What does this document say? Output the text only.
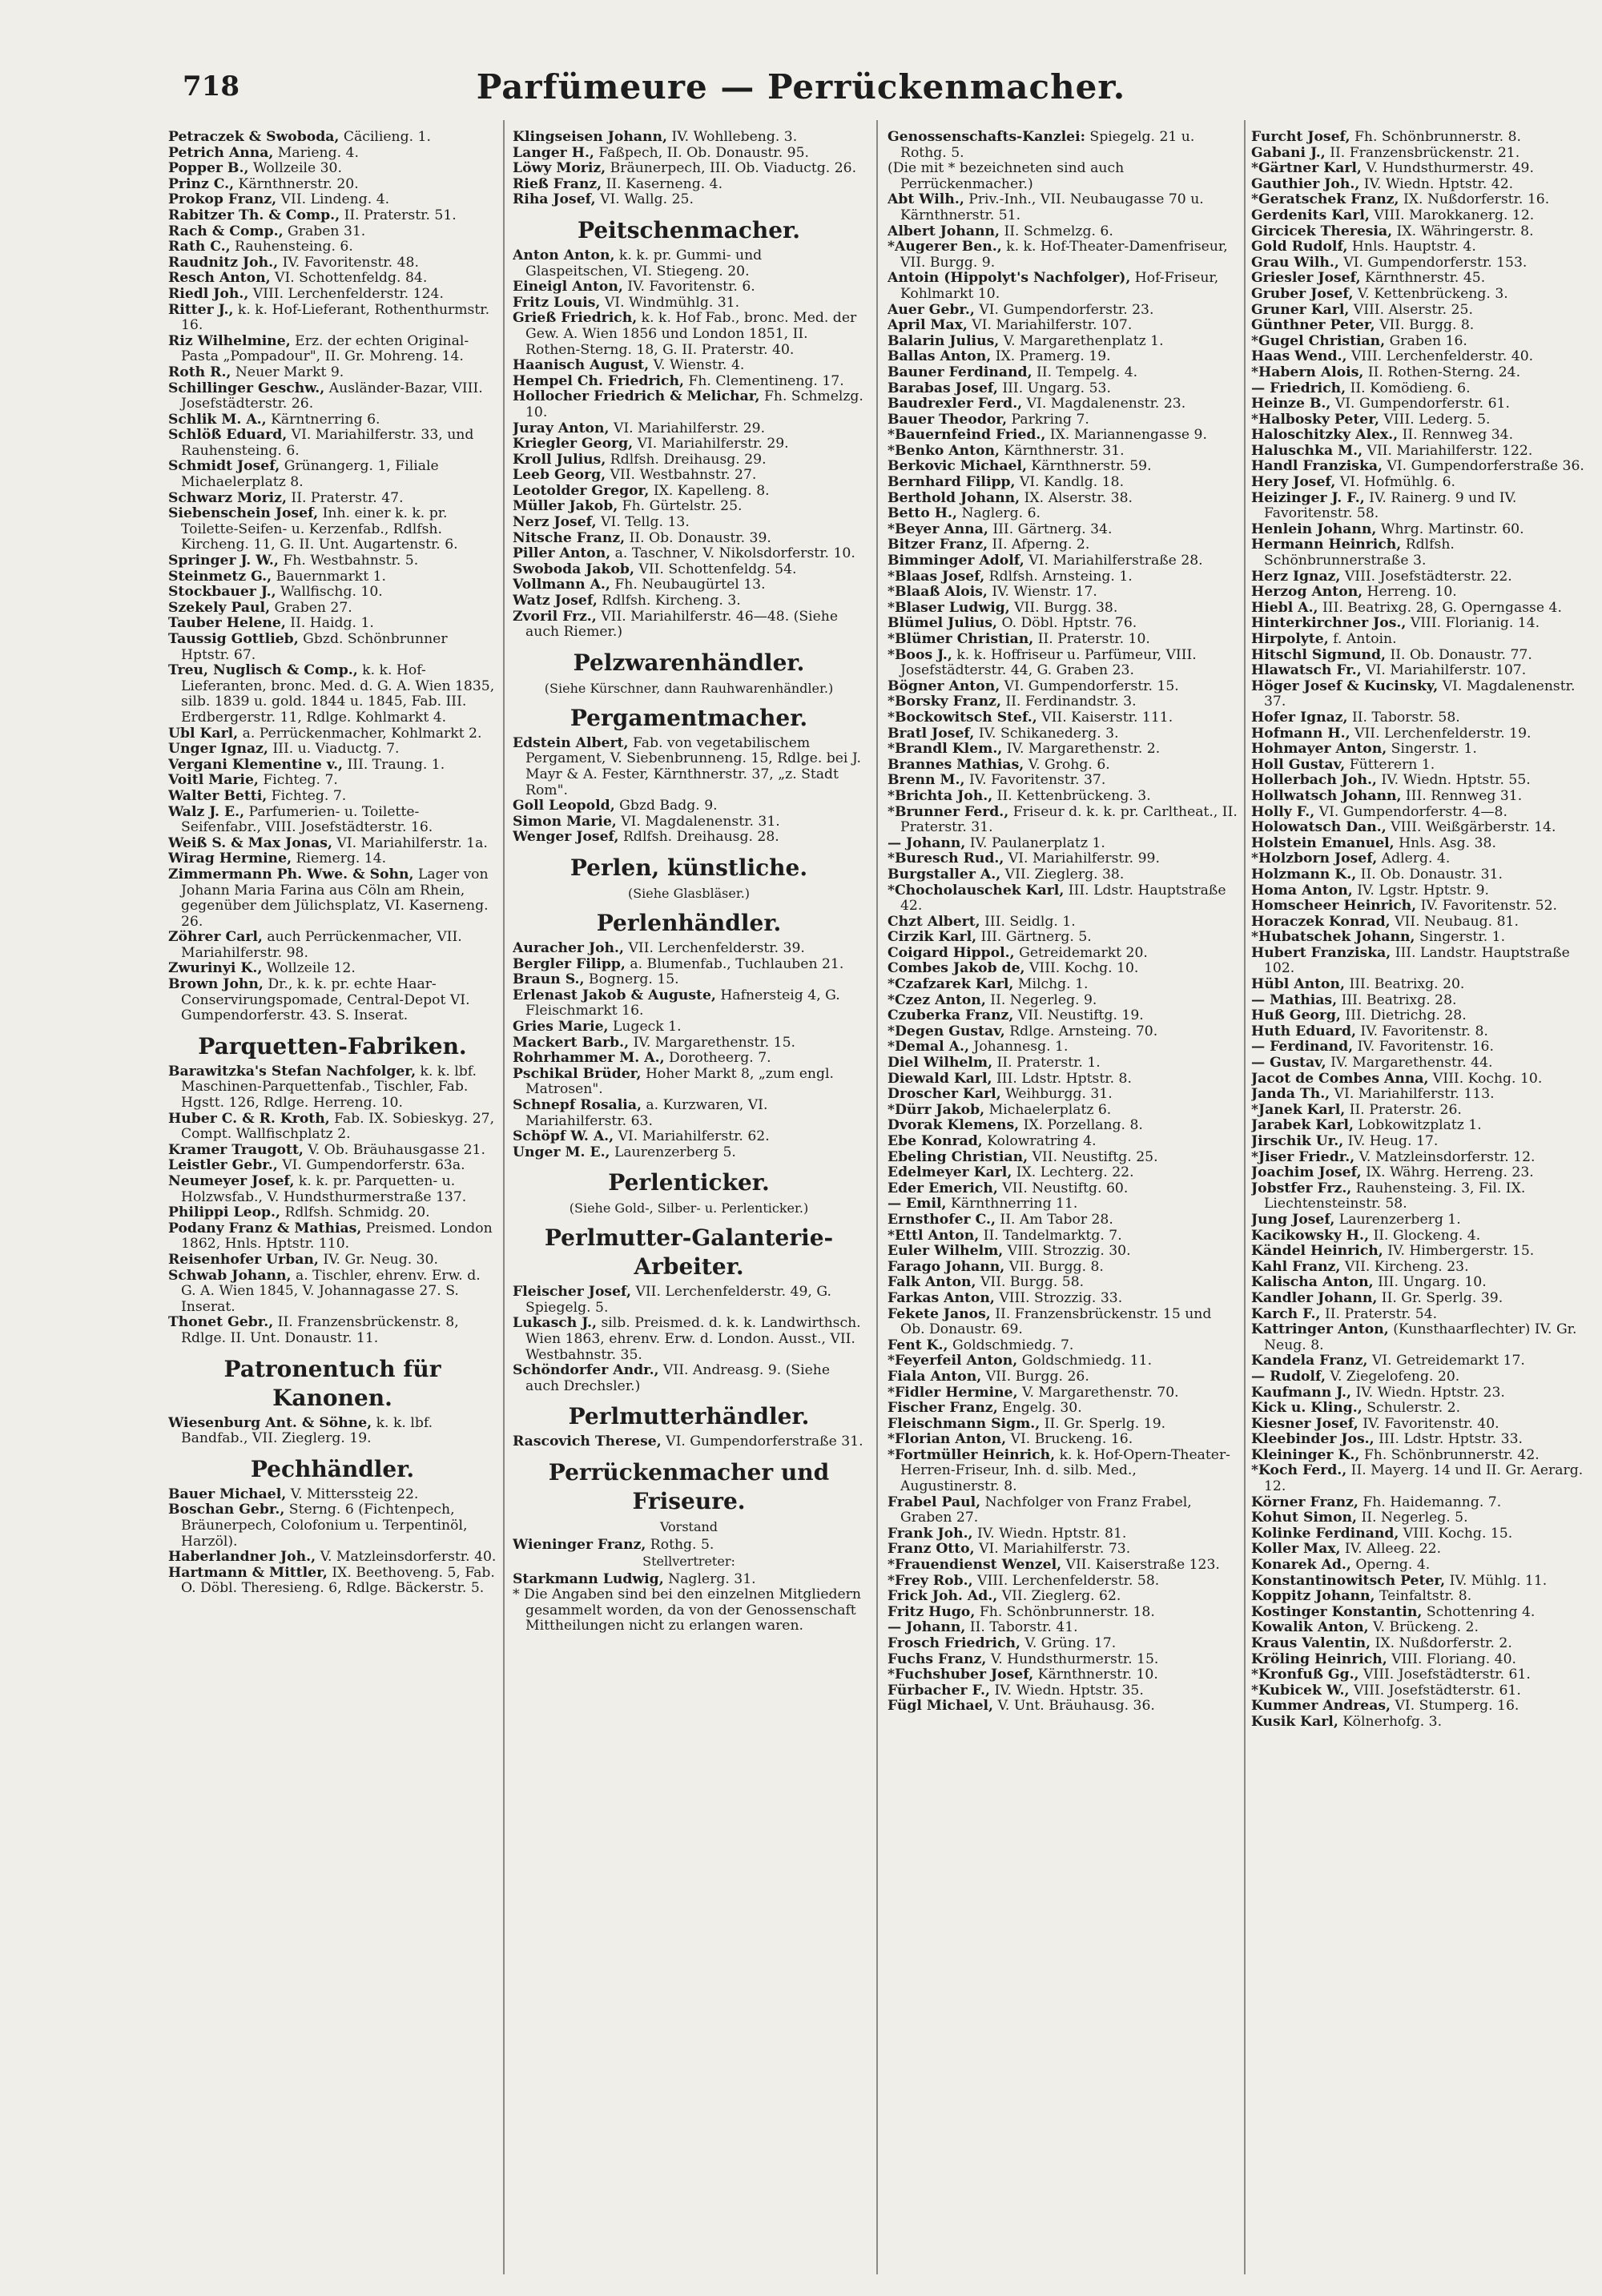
718	Parfümeure — Perrückenmacher.

Petraczek & Swoboda, Cäcilieng. 1.

Petrich Anna, Marieng. 4.

Popper B., Wollzeile 30.

Prinz C., Kärnthnerstr. 20.

Prokop Franz, VII. Lindeng. 4.

Rabitzer Th. & Comp., II. Praterstr. 51.

Rach & Comp., Graben 31.

Rath C., Rauhensteing. 6.

Raudnitz Joh., IV. Favoritenstr. 48.

Resch Anton, VI. Schottenfeldg. 84.

Riedl Joh., VIII. Lerchenfelderstr. 124.

Ritter J., k. k. Hof-Lieferant, Rothenthurmstr. 16.

Riz Wilhelmine, Erz. der echten Original-Pasta „Pompadour", II. Gr. Mohreng. 14.

Roth R., Neuer Markt 9.

Schillinger Geschw., Ausländer-Bazar, VIII. Josefstädterstr. 26.

Schlik M. A., Kärntnerring 6.

Schlöß Eduard, VI. Mariahilferstr. 33, und Rauhensteing. 6.

Schmidt Josef, Grünangerg. 1, Filiale Michaelerplatz 8.

Schwarz Moriz, II. Praterstr. 47.

Siebenschein Josef, Inh. einer k. k. pr. Toilette-Seifen- u. Kerzenfab., Rdlfsh. Kircheng. 11, G. II. Unt. Augartenstr. 6.

Springer J. W., Fh. Westbahnstr. 5.

Steinmetz G., Bauernmarkt 1.

Stockbauer J., Wallfischg. 10.

Szekely Paul, Graben 27.

Tauber Helene, II. Haidg. 1.

Taussig Gottlieb, Gbzd. Schönbrunner Hptstr. 67.

Treu, Nuglisch & Comp., k. k. Hof-Lieferanten, bronc. Med. d. G. A. Wien 1835, silb. 1839 u. gold. 1844 u. 1845, Fab. III. Erdbergerstr. 11, Rdlge. Kohlmarkt 4.

Ubl Karl, a. Perrückenmacher, Kohlmarkt 2.

Unger Ignaz, III. u. Viaductg. 7.

Vergani Klementine v., III. Traung. 1.

Voitl Marie, Fichteg. 7.

Walter Betti, Fichteg. 7.

Walz J. E., Parfumerien- u. Toilette-Seifenfabr., VIII. Josefstädterstr. 16.

Weiß S. & Max Jonas, VI. Mariahilferstr. 1a.

Wirag Hermine, Riemerg. 14.

Zimmermann Ph. Wwe. & Sohn, Lager von Johann Maria Farina aus Cöln am Rhein, gegenüber dem Jülichsplatz, VI. Kaserneng. 26.

Zöhrer Carl, auch Perrückenmacher, VII. Mariahilferstr. 98.

Zwurinyi K., Wollzeile 12.

Brown John, Dr., k. k. pr. echte Haar-Conservirungspomade, Central-Depot VI. Gumpendorferstr. 43. S. Inserat.

Parquetten-Fabriken.

Barawitzka's Stefan Nachfolger, k. k. lbf. Maschinen-Parquettenfab., Tischler, Fab. Hgstt. 126, Rdlge. Herreng. 10.

Huber C. & R. Kroth, Fab. IX. Sobieskyg. 27, Compt. Wallfischplatz 2.

Kramer Traugott, V. Ob. Bräuhausgasse 21.

Leistler Gebr., VI. Gumpendorferstr. 63a.

Neumeyer Josef, k. k. pr. Parquetten- u. Holzwsfab., V. Hundsthurmerstraße 137.

Philippi Leop., Rdlfsh. Schmidg. 20.

Podany Franz & Mathias, Preismed. London 1862, Hnls. Hptstr. 110.

Reisenhofer Urban, IV. Gr. Neug. 30.

Schwab Johann, a. Tischler, ehrenv. Erw. d. G. A. Wien 1845, V. Johannagasse 27. S. Inserat.

Thonet Gebr., II. Franzensbrückenstr. 8, Rdlge. II. Unt. Donaustr. 11.

Patronentuch für Kanonen.

Wiesenburg Ant. & Söhne, k. k. lbf. Bandfab., VII. Zieglerg. 19.

Pechhändler.

Bauer Michael, V. Mitterssteig 22.

Boschan Gebr., Sterng. 6 (Fichtenpech, Bräunerpech, Colofonium u. Terpentinöl, Harzöl).

Haberlandner Joh., V. Matzleinsdorferstr. 40.

Hartmann & Mittler, IX. Beethoveng. 5, Fab. O. Döbl. Theresieng. 6, Rdlge. Bäckerstr. 5.

Klingseisen Johann, IV. Wohllebeng. 3.

Langer H., Faßpech, II. Ob. Donaustr. 95.

Löwy Moriz, Bräunerpech, III. Ob. Viaductg. 26.

Rieß Franz, II. Kaserneng. 4.

Riha Josef, VI. Wallg. 25.

Peitschenmacher.

Anton Anton, k. k. pr. Gummi- und Glaspeitschen, VI. Stiegeng. 20.

Eineigl Anton, IV. Favoritenstr. 6.

Fritz Louis, VI. Windmühlg. 31.

Grieß Friedrich, k. k. Hof Fab., bronc. Med. der Gew. A. Wien 1856 und London 1851, II. Rothen-Sterng. 18, G. II. Praterstr. 40.

Haanisch August, V. Wienstr. 4.

Hempel Ch. Friedrich, Fh. Clementineng. 17.

Hollocher Friedrich & Melichar, Fh. Schmelzg. 10.

Juray Anton, VI. Mariahilferstr. 29.

Kriegler Georg, VI. Mariahilferstr. 29.

Kroll Julius, Rdlfsh. Dreihausg. 29.

Leeb Georg, VII. Westbahnstr. 27.

Leotolder Gregor, IX. Kapelleng. 8.

Müller Jakob, Fh. Gürtelstr. 25.

Nerz Josef, VI. Tellg. 13.

Nitsche Franz, II. Ob. Donaustr. 39.

Piller Anton, a. Taschner, V. Nikolsdorferstr. 10.

Swoboda Jakob, VII. Schottenfeldg. 54.

Vollmann A., Fh. Neubaugürtel 13.

Watz Josef, Rdlfsh. Kircheng. 3.

Zvoril Frz., VII. Mariahilferstr. 46—48. (Siehe auch Riemer.)

Pelzwarenhändler.
(Siehe Kürschner, dann Rauhwarenhändler.)
Pergamentmacher.

Edstein Albert, Fab. von vegetabilischem Pergament, V. Siebenbrunneng. 15, Rdlge. bei J. Mayr & A. Fester, Kärnthnerstr. 37, „z. Stadt Rom".

Goll Leopold, Gbzd Badg. 9.

Simon Marie, VI. Magdalenenstr. 31.

Wenger Josef, Rdlfsh. Dreihausg. 28.

Perlen, künstliche.
(Siehe Glasbläser.)
Perlenhändler.

Auracher Joh., VII. Lerchenfelderstr. 39.

Bergler Filipp, a. Blumenfab., Tuchlauben 21.

Braun S., Bognerg. 15.

Erlenast Jakob & Auguste, Hafnersteig 4, G. Fleischmarkt 16.

Gries Marie, Lugeck 1.

Mackert Barb., IV. Margarethenstr. 15.

Rohrhammer M. A., Dorotheerg. 7.

Pschikal Brüder, Hoher Markt 8, „zum engl. Matrosen".

Schnepf Rosalia, a. Kurzwaren, VI. Mariahilferstr. 63.

Schöpf W. A., VI. Mariahilferstr. 62.

Unger M. E., Laurenzerberg 5.

Perlenticker.
(Siehe Gold-, Silber- u. Perlenticker.)
Perlmutter-Galanterie-Arbeiter.

Fleischer Josef, VII. Lerchenfelderstr. 49, G. Spiegelg. 5.

Lukasch J., silb. Preismed. d. k. k. Landwirthsch. Wien 1863, ehrenv. Erw. d. London. Ausst., VII. Westbahnstr. 35.

Schöndorfer Andr., VII. Andreasg. 9. (Siehe auch Drechsler.)

Perlmutterhändler.

Rascovich Therese, VI. Gumpendorferstraße 31.

Perrückenmacher und Friseure.
Vorstand

Wieninger Franz, Rothg. 5.

Stellvertreter:

Starkmann Ludwig, Naglerg. 31.

* Die Angaben sind bei den einzelnen Mitgliedern gesammelt worden, da von der Genossenschaft Mittheilungen nicht zu erlangen waren.

Genossenschafts-Kanzlei: Spiegelg. 21 u. Rothg. 5.

(Die mit * bezeichneten sind auch Perrückenmacher.)

Abt Wilh., Priv.-Inh., VII. Neubaugasse 70 u. Kärnthnerstr. 51.

Albert Johann, II. Schmelzg. 6.

*Augerer Ben., k. k. Hof-Theater-Damenfriseur, VII. Burgg. 9.

Antoin (Hippolyt's Nachfolger), Hof-Friseur, Kohlmarkt 10.

Auer Gebr., VI. Gumpendorferstr. 23.

April Max, VI. Mariahilferstr. 107.

Balarin Julius, V. Margarethenplatz 1.

Ballas Anton, IX. Pramerg. 19.

Bauner Ferdinand, II. Tempelg. 4.

Barabas Josef, III. Ungarg. 53.

Baudrexler Ferd., VI. Magdalenenstr. 23.

Bauer Theodor, Parkring 7.

*Bauernfeind Fried., IX. Mariannengasse 9.

*Benko Anton, Kärnthnerstr. 31.

Berkovic Michael, Kärnthnerstr. 59.

Bernhard Filipp, VI. Kandlg. 18.

Berthold Johann, IX. Alserstr. 38.

Betto H., Naglerg. 6.

*Beyer Anna, III. Gärtnerg. 34.

Bitzer Franz, II. Afperng. 2.

Bimminger Adolf, VI. Mariahilferstraße 28.

*Blaas Josef, Rdlfsh. Arnsteing. 1.

*Blaaß Alois, IV. Wienstr. 17.

*Blaser Ludwig, VII. Burgg. 38.

Blümel Julius, O. Döbl. Hptstr. 76.

*Blümer Christian, II. Praterstr. 10.

*Boos J., k. k. Hoffriseur u. Parfümeur, VIII. Josefstädterstr. 44, G. Graben 23.

Bögner Anton, VI. Gumpendorferstr. 15.

*Borsky Franz, II. Ferdinandstr. 3.

*Bockowitsch Stef., VII. Kaiserstr. 111.

Bratl Josef, IV. Schikanederg. 3.

*Brandl Klem., IV. Margarethenstr. 2.

Brannes Mathias, V. Grohg. 6.

Brenn M., IV. Favoritenstr. 37.

*Brichta Joh., II. Kettenbrückeng. 3.

*Brunner Ferd., Friseur d. k. k. pr. Carltheat., II. Praterstr. 31.

— Johann, IV. Paulanerplatz 1.

*Buresch Rud., VI. Mariahilferstr. 99.

Burgstaller A., VII. Zieglerg. 38.

*Chocholauschek Karl, III. Ldstr. Hauptstraße 42.

Chzt Albert, III. Seidlg. 1.

Cirzik Karl, III. Gärtnerg. 5.

Coigard Hippol., Getreidemarkt 20.

Combes Jakob de, VIII. Kochg. 10.

*Czafzarek Karl, Milchg. 1.

*Czez Anton, II. Negerleg. 9.

Czuberka Franz, VII. Neustiftg. 19.

*Degen Gustav, Rdlge. Arnsteing. 70.

*Demal A., Johannesg. 1.

Diel Wilhelm, II. Praterstr. 1.

Diewald Karl, III. Ldstr. Hptstr. 8.

Droscher Karl, Weihburgg. 31.

*Dürr Jakob, Michaelerplatz 6.

Dvorak Klemens, IX. Porzellang. 8.

Ebe Konrad, Kolowratring 4.

Ebeling Christian, VII. Neustiftg. 25.

Edelmeyer Karl, IX. Lechterg. 22.

Eder Emerich, VII. Neustiftg. 60.

— Emil, Kärnthnerring 11.

Ernsthofer C., II. Am Tabor 28.

*Ettl Anton, II. Tandelmarktg. 7.

Euler Wilhelm, VIII. Strozzig. 30.

Farago Johann, VII. Burgg. 8.

Falk Anton, VII. Burgg. 58.

Farkas Anton, VIII. Strozzig. 33.

Fekete Janos, II. Franzensbrückenstr. 15 und Ob. Donaustr. 69.

Fent K., Goldschmiedg. 7.

*Feyerfeil Anton, Goldschmiedg. 11.

Fiala Anton, VII. Burgg. 26.

*Fidler Hermine, V. Margarethenstr. 70.

Fischer Franz, Engelg. 30.

Fleischmann Sigm., II. Gr. Sperlg. 19.

*Florian Anton, VI. Bruckeng. 16.

*Fortmüller Heinrich, k. k. Hof-Opern-Theater-Herren-Friseur, Inh. d. silb. Med., Augustinerstr. 8.

Frabel Paul, Nachfolger von Franz Frabel, Graben 27.

Frank Joh., IV. Wiedn. Hptstr. 81.

Franz Otto, VI. Mariahilferstr. 73.

*Frauendienst Wenzel, VII. Kaiserstraße 123.

*Frey Rob., VIII. Lerchenfelderstr. 58.

Frick Joh. Ad., VII. Zieglerg. 62.

Fritz Hugo, Fh. Schönbrunnerstr. 18.

— Johann, II. Taborstr. 41.

Frosch Friedrich, V. Grüng. 17.

Fuchs Franz, V. Hundsthurmerstr. 15.

*Fuchshuber Josef, Kärnthnerstr. 10.

Fürbacher F., IV. Wiedn. Hptstr. 35.

Fügl Michael, V. Unt. Bräuhausg. 36.

Furcht Josef, Fh. Schönbrunnerstr. 8.

Gabani J., II. Franzensbrückenstr. 21.

*Gärtner Karl, V. Hundsthurmerstr. 49.

Gauthier Joh., IV. Wiedn. Hptstr. 42.

*Geratschek Franz, IX. Nußdorferstr. 16.

Gerdenits Karl, VIII. Marokkanerg. 12.

Gircicek Theresia, IX. Währingerstr. 8.

Gold Rudolf, Hnls. Hauptstr. 4.

Grau Wilh., VI. Gumpendorferstr. 153.

Griesler Josef, Kärnthnerstr. 45.

Gruber Josef, V. Kettenbrückeng. 3.

Gruner Karl, VIII. Alserstr. 25.

Günthner Peter, VII. Burgg. 8.

*Gugel Christian, Graben 16.

Haas Wend., VIII. Lerchenfelderstr. 40.

*Habern Alois, II. Rothen-Sterng. 24.

— Friedrich, II. Komödieng. 6.

Heinze B., VI. Gumpendorferstr. 61.

*Halbosky Peter, VIII. Lederg. 5.

Haloschitzky Alex., II. Rennweg 34.

Haluschka M., VII. Mariahilferstr. 122.

Handl Franziska, VI. Gumpendorferstraße 36.

Hery Josef, VI. Hofmühlg. 6.

Heizinger J. F., IV. Rainerg. 9 und IV. Favoritenstr. 58.

Henlein Johann, Whrg. Martinstr. 60.

Hermann Heinrich, Rdlfsh. Schönbrunnerstraße 3.

Herz Ignaz, VIII. Josefstädterstr. 22.

Herzog Anton, Herreng. 10.

Hiebl A., III. Beatrixg. 28, G. Operngasse 4.

Hinterkirchner Jos., VIII. Florianig. 14.

Hirpolyte, f. Antoin.

Hitschl Sigmund, II. Ob. Donaustr. 77.

Hlawatsch Fr., VI. Mariahilferstr. 107.

Höger Josef & Kucinsky, VI. Magdalenenstr. 37.

Hofer Ignaz, II. Taborstr. 58.

Hofmann H., VII. Lerchenfelderstr. 19.

Hohmayer Anton, Singerstr. 1.

Holl Gustav, Fütterern 1.

Hollerbach Joh., IV. Wiedn. Hptstr. 55.

Hollwatsch Johann, III. Rennweg 31.

Holly F., VI. Gumpendorferstr. 4—8.

Holowatsch Dan., VIII. Weißgärberstr. 14.

Holstein Emanuel, Hnls. Asg. 38.

*Holzborn Josef, Adlerg. 4.

Holzmann K., II. Ob. Donaustr. 31.

Homa Anton, IV. Lgstr. Hptstr. 9.

Homscheer Heinrich, IV. Favoritenstr. 52.

Horaczek Konrad, VII. Neubaug. 81.

*Hubatschek Johann, Singerstr. 1.

Hubert Franziska, III. Landstr. Hauptstraße 102.

Hübl Anton, III. Beatrixg. 20.

— Mathias, III. Beatrixg. 28.

Huß Georg, III. Dietrichg. 28.

Huth Eduard, IV. Favoritenstr. 8.

— Ferdinand, IV. Favoritenstr. 16.

— Gustav, IV. Margarethenstr. 44.

Jacot de Combes Anna, VIII. Kochg. 10.

Janda Th., VI. Mariahilferstr. 113.

*Janek Karl, II. Praterstr. 26.

Jarabek Karl, Lobkowitzplatz 1.

Jirschik Ur., IV. Heug. 17.

*Jiser Friedr., V. Matzleinsdorferstr. 12.

Joachim Josef, IX. Währg. Herreng. 23.

Jobstfer Frz., Rauhensteing. 3, Fil. IX. Liechtensteinstr. 58.

Jung Josef, Laurenzerberg 1.

Kacikowsky H., II. Glockeng. 4.

Kändel Heinrich, IV. Himbergerstr. 15.

Kahl Franz, VII. Kircheng. 23.

Kalischa Anton, III. Ungarg. 10.

Kandler Johann, II. Gr. Sperlg. 39.

Karch F., II. Praterstr. 54.

Kattringer Anton, (Kunsthaarflechter) IV. Gr. Neug. 8.

Kandela Franz, VI. Getreidemarkt 17.

— Rudolf, V. Ziegelofeng. 20.

Kaufmann J., IV. Wiedn. Hptstr. 23.

Kick u. Kling., Schulerstr. 2.

Kiesner Josef, IV. Favoritenstr. 40.

Kleebinder Jos., III. Ldstr. Hptstr. 33.

Kleininger K., Fh. Schönbrunnerstr. 42.

*Koch Ferd., II. Mayerg. 14 und II. Gr. Aerarg. 12.

Körner Franz, Fh. Haidemanng. 7.

Kohut Simon, II. Negerleg. 5.

Kolinke Ferdinand, VIII. Kochg. 15.

Koller Max, IV. Alleeg. 22.

Konarek Ad., Operng. 4.

Konstantinowitsch Peter, IV. Mühlg. 11.

Koppitz Johann, Teinfaltstr. 8.

Kostinger Konstantin, Schottenring 4.

Kowalik Anton, V. Brückeng. 2.

Kraus Valentin, IX. Nußdorferstr. 2.

Kröling Heinrich, VIII. Floriang. 40.

*Kronfuß Gg., VIII. Josefstädterstr. 61.

*Kubicek W., VIII. Josefstädterstr. 61.

Kummer Andreas, VI. Stumperg. 16.

Kusik Karl, Kölnerhofg. 3.
